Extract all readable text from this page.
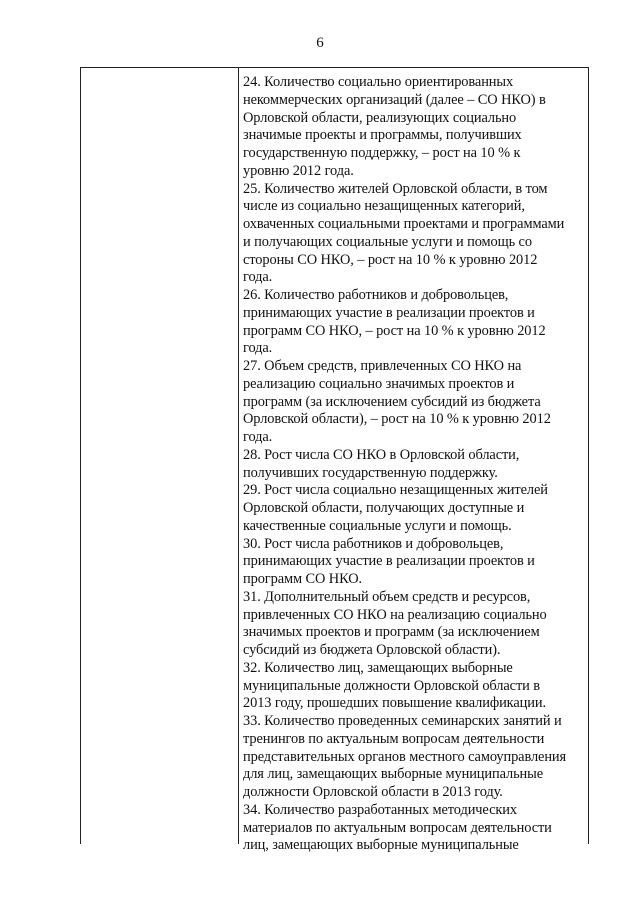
6
24. Количество социально ориентированных
некоммерческих организаций (далее – СО НКО) в
Орловской области, реализующих социально
значимые проекты и программы, получивших
государственную поддержку, – рост на 10 % к
уровню 2012 года.
25. Количество жителей Орловской области, в том
числе из социально незащищенных категорий,
охваченных социальными проектами и программами
и получающих социальные услуги и помощь со
стороны СО НКО, – рост на 10 % к уровню 2012
года.
26. Количество работников и добровольцев,
принимающих участие в реализации проектов и
программ СО НКО, – рост на 10 % к уровню 2012
года.
27. Объем средств, привлеченных СО НКО на
реализацию социально значимых проектов и
программ (за исключением субсидий из бюджета
Орловской области), – рост на 10 % к уровню 2012
года.
28. Рост числа СО НКО в Орловской области,
получивших государственную поддержку.
29. Рост числа социально незащищенных жителей
Орловской области, получающих доступные и
качественные социальные услуги и помощь.
30. Рост числа работников и добровольцев,
принимающих участие в реализации проектов и
программ СО НКО.
31. Дополнительный объем средств и ресурсов,
привлеченных СО НКО на реализацию социально
значимых проектов и программ (за исключением
субсидий из бюджета Орловской области).
32. Количество лиц, замещающих выборные
муниципальные должности Орловской области в
2013 году, прошедших повышение квалификации.
33. Количество проведенных семинарских занятий и
тренингов по актуальным вопросам деятельности
представительных органов местного самоуправления
для лиц, замещающих выборные муниципальные
должности Орловской области в 2013 году.
34. Количество разработанных методических
материалов по актуальным вопросам деятельности
лиц, замещающих выборные муниципальные
